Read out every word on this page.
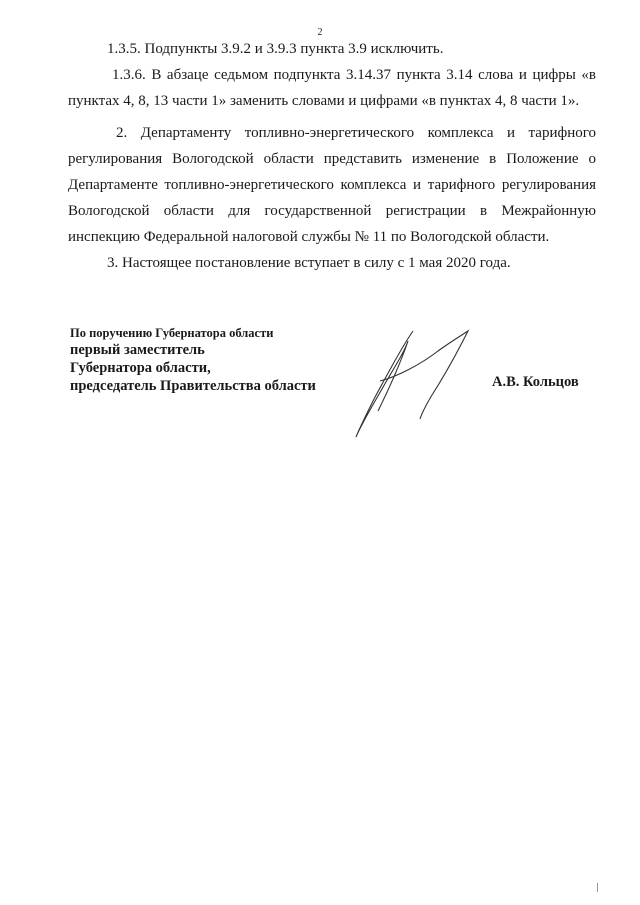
2

1.3.5. Подпункты 3.9.2 и 3.9.3 пункта 3.9 исключить.

1.3.6. В абзаце седьмом подпункта 3.14.37 пункта 3.14 слова и цифры «в пунктах 4, 8, 13 части 1» заменить словами и цифрами «в пунктах 4, 8 части 1».

2. Департаменту топливно-энергетического комплекса и тарифного регулирования Вологодской области представить изменение в Положение о Департаменте топливно-энергетического комплекса и тарифного регулирования Вологодской области для государственной регистрации в Межрайонную инспекцию Федеральной налоговой службы № 11 по Вологодской области.

3. Настоящее постановление вступает в силу с 1 мая 2020 года.

По поручению Губернатора области
первый заместитель
Губернатора области,
председатель Правительства области	А.В. Кольцов
